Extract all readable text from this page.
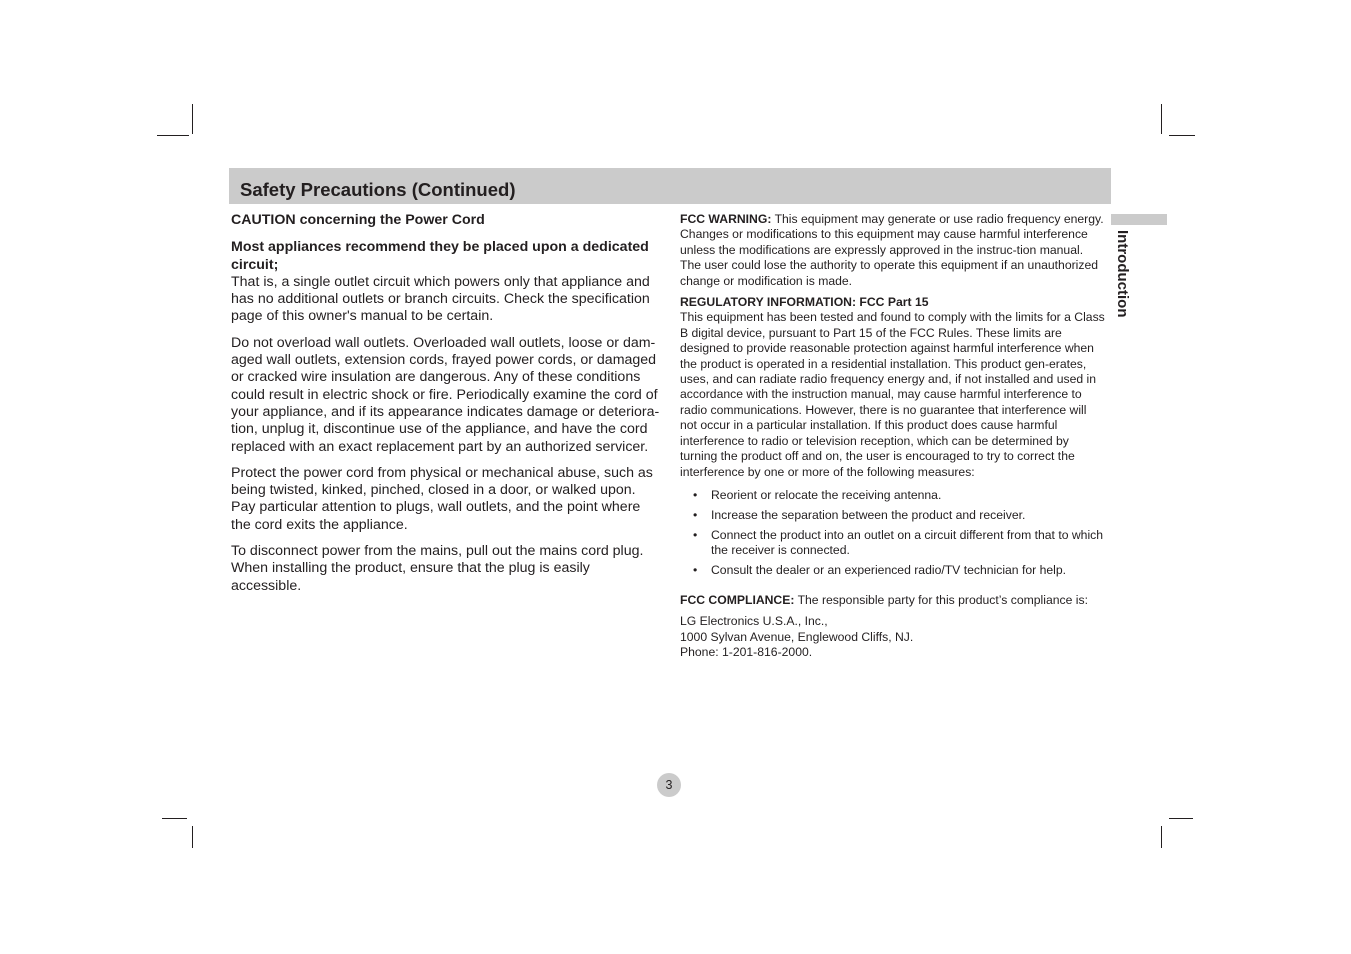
Safety Precautions (Continued)
Introduction

CAUTION concerning the Power Cord

Most appliances recommend they be placed upon a dedicated circuit;

That is, a single outlet circuit which powers only that appliance and has no additional outlets or branch circuits. Check the specification page of this owner's manual to be certain.

Do not overload wall outlets. Overloaded wall outlets, loose or dam-aged wall outlets, extension cords, frayed power cords, or damaged or cracked wire insulation are dangerous. Any of these conditions could result in electric shock or fire. Periodically examine the cord of your appliance, and if its appearance indicates damage or deteriora-tion, unplug it, discontinue use of the appliance, and have the cord replaced with an exact replacement part by an authorized servicer.

Protect the power cord from physical or mechanical abuse, such as being twisted, kinked, pinched, closed in a door, or walked upon. Pay particular attention to plugs, wall outlets, and the point where the cord exits the appliance.

To disconnect power from the mains, pull out the mains cord plug. When installing the product, ensure that the plug is easily accessible.

FCC WARNING: This equipment may generate or use radio frequency energy. Changes or modifications to this equipment may cause harmful interference unless the modifications are expressly approved in the instruc-tion manual. The user could lose the authority to operate this equipment if an unauthorized change or modification is made.

REGULATORY INFORMATION: FCC Part 15

This equipment has been tested and found to comply with the limits for a Class B digital device, pursuant to Part 15 of the FCC Rules. These limits are designed to provide reasonable protection against harmful interference when the product is operated in a residential installation. This product gen-erates, uses, and can radiate radio frequency energy and, if not installed and used in accordance with the instruction manual, may cause harmful interference to radio communications. However, there is no guarantee that interference will not occur in a particular installation. If this product does cause harmful interference to radio or television reception, which can be determined by turning the product off and on, the user is encouraged to try to correct the interference by one or more of the following measures:

• Reorient or relocate the receiving antenna.
• Increase the separation between the product and receiver.
• Connect the product into an outlet on a circuit different from that to which the receiver is connected.
• Consult the dealer or an experienced radio/TV technician for help.

FCC COMPLIANCE: The responsible party for this product’s compliance is:

LG Electronics U.S.A., Inc.,

1000 Sylvan Avenue, Englewood Cliffs, NJ.

Phone: 1-201-816-2000.

3
